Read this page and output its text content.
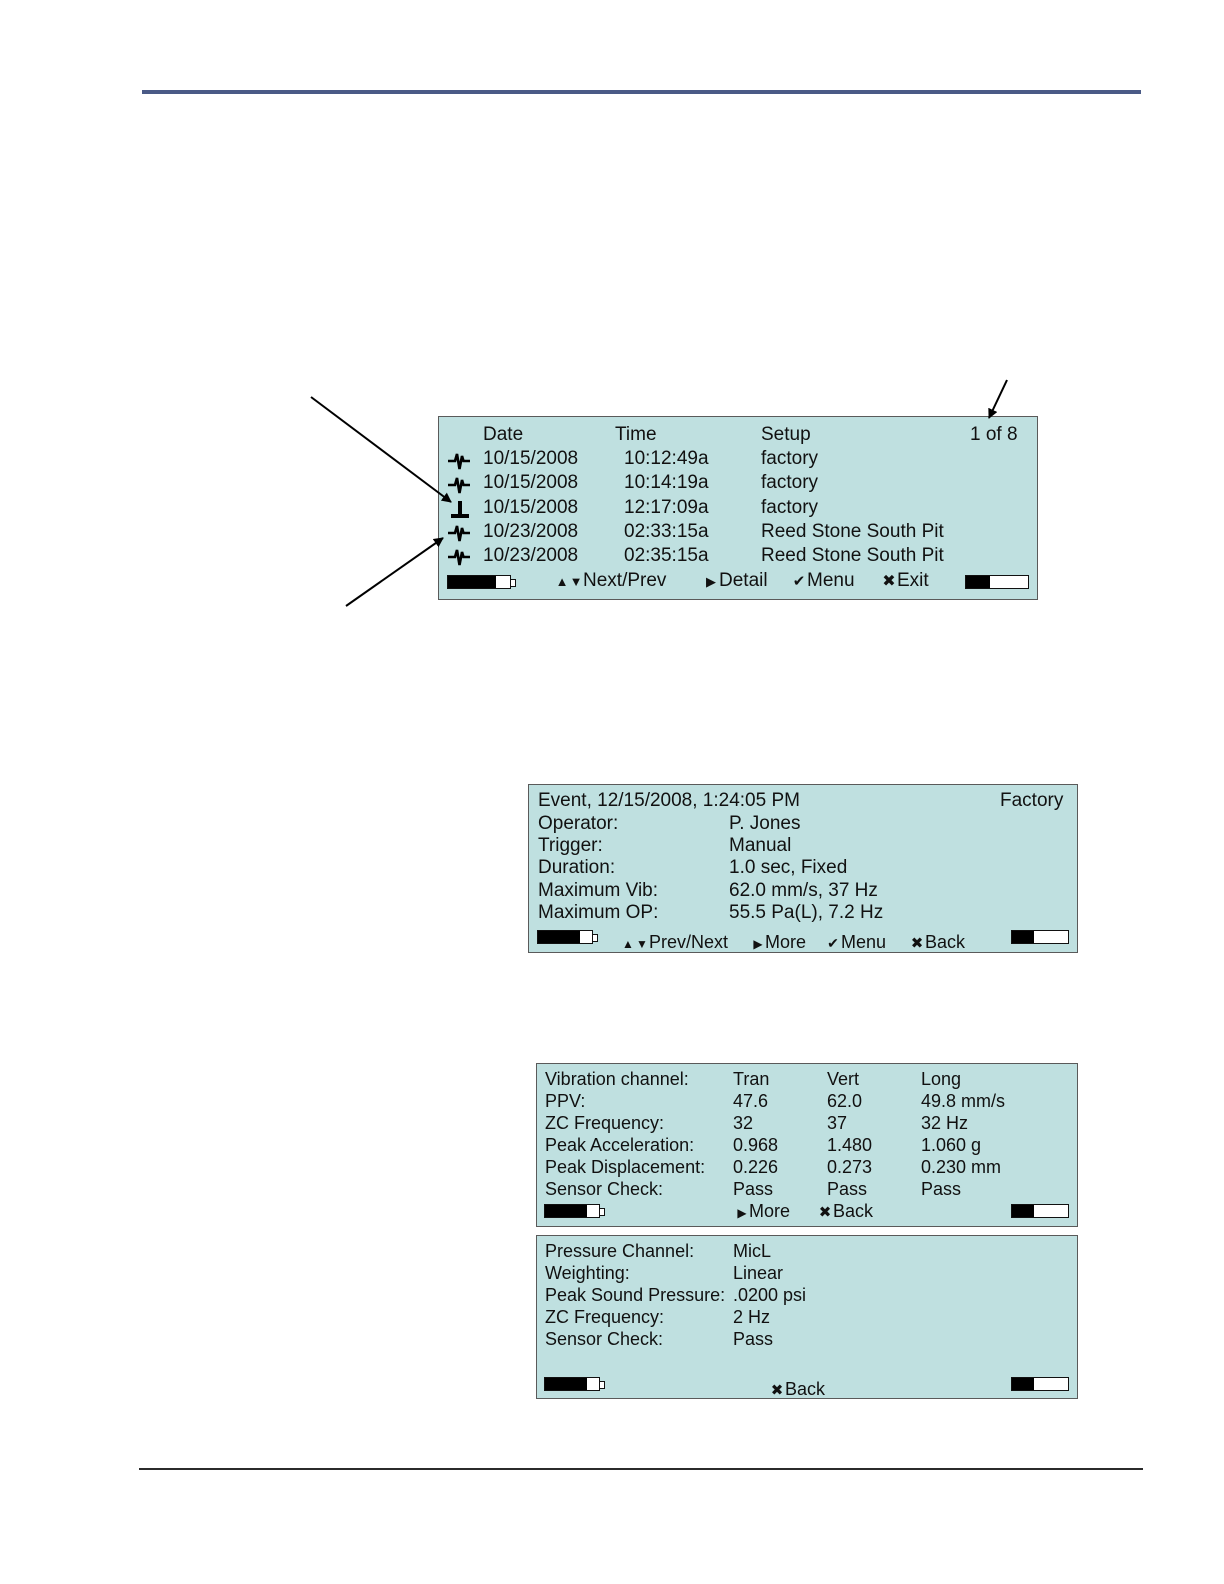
Date	Time	Setup	1 of 8
10/15/2008 10:12:49a	factory
10/15/2008 10:14:19a	factory
10/15/2008 12:17:09a	factory
10/23/2008 02:33:15a	Reed Stone South Pit
10/23/2008 02:35:15a	Reed Stone South Pit
▲▼Next/Prev	▶ Detail ✔Menu ✖Exit
Event, 12/15/2008, 1:24:05 PM	Factory
Operator:	P. Jones
Trigger:	Manual
Duration:	1.0 sec, Fixed
Maximum Vib:	62.0 mm/s, 37 Hz
Maximum OP:	55.5 Pa(L), 7.2 Hz
▲ ▼Prev/Next ▶ More ✔ Menu ✖Back
Vibration channel: Tran	Vert	Long
PPV:	47.6	62.0	49.8 mm/s
ZC Frequency:	32	37	32 Hz
Peak Acceleration: 0.968	1.480	1.060 g
Peak Displacement: 0.226	0.273	0.230 mm
Sensor Check:	Pass	Pass	Pass
▶ More ✖Back
Pressure Channel: MicL
Weighting:	Linear
Peak Sound Pressure: .0200 psi
ZC Frequency:	2 Hz
Sensor Check:	Pass
✖Back
